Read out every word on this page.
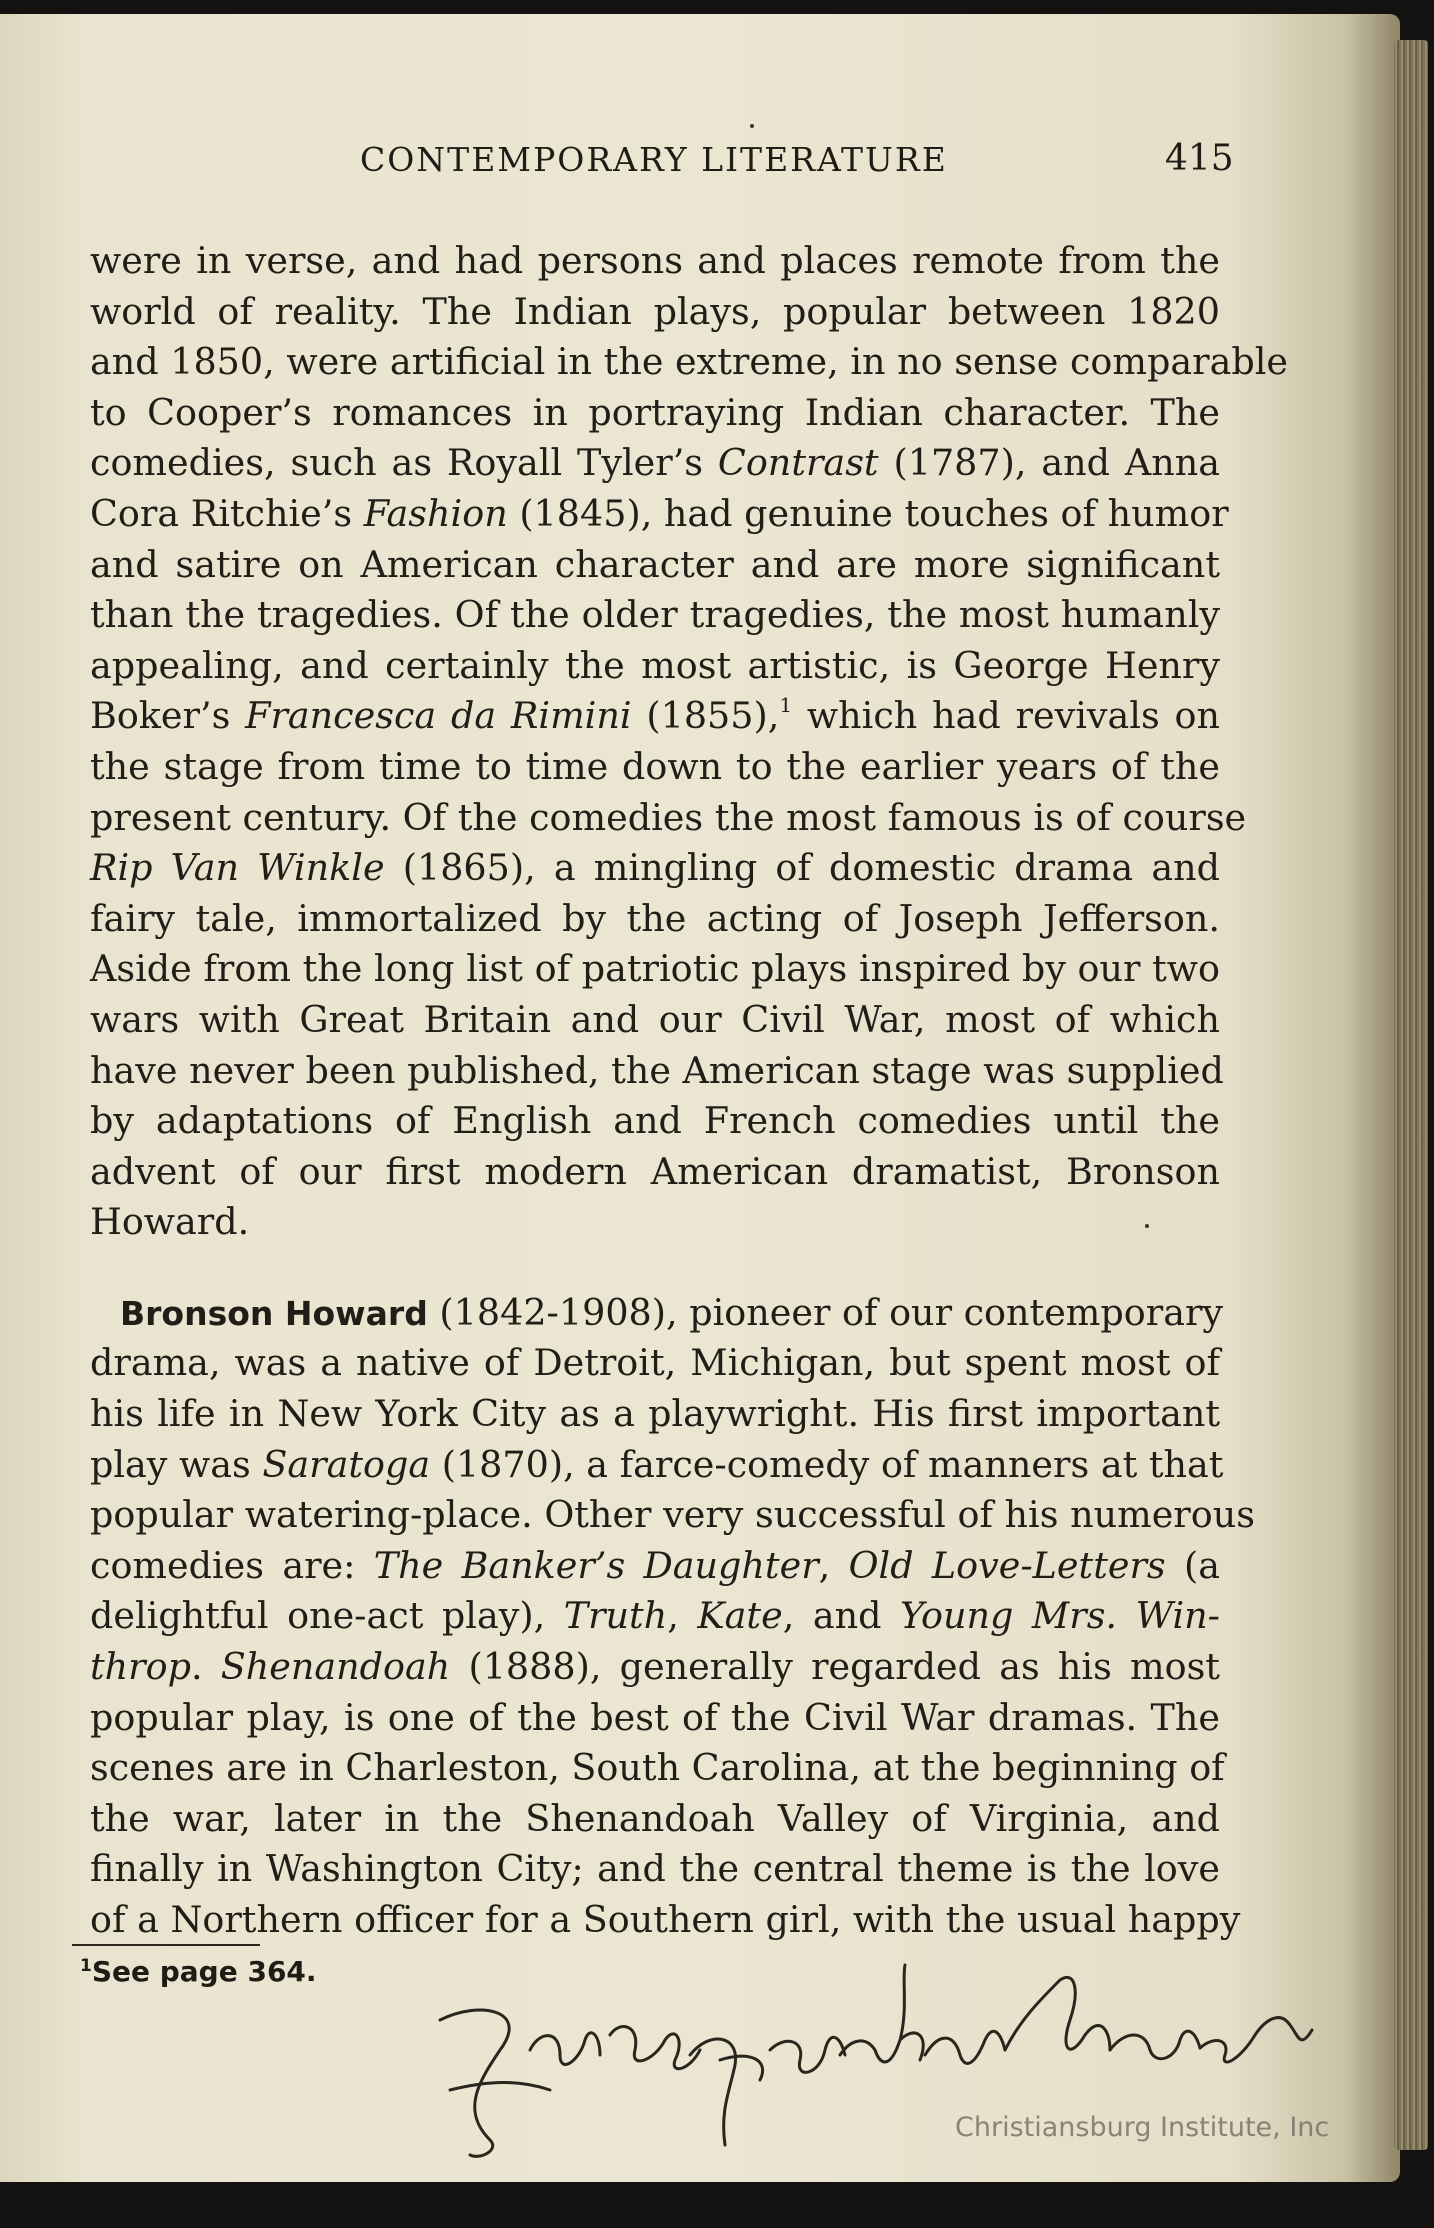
CONTEMPORARY LITERATURE	415
were in verse, and had persons and places remote from the
world of reality. The Indian plays, popular between 1820
and 1850, were artificial in the extreme, in no sense comparable
to Cooper’s romances in portraying Indian character. The
comedies, such as Royall Tyler’s Contrast (1787), and Anna
Cora Ritchie’s Fashion (1845), had genuine touches of humor
and satire on American character and are more significant
than the tragedies. Of the older tragedies, the most humanly
appealing, and certainly the most artistic, is George Henry
Boker’s Francesca da Rimini (1855),$^1$ which had revivals on
the stage from time to time down to the earlier years of the
present century. Of the comedies the most famous is of course
Rip Van Winkle (1865), a mingling of domestic drama and
fairy tale, immortalized by the acting of Joseph Jefferson.
Aside from the long list of patriotic plays inspired by our two
wars with Great Britain and our Civil War, most of which
have never been published, the American stage was supplied
by adaptations of English and French comedies until the
advent of our first modern American dramatist, Bronson
Howard.
Bronson Howard (1842-1908), pioneer of our contemporary
drama, was a native of Detroit, Michigan, but spent most of
his life in New York City as a playwright. His first important
play was Saratoga (1870), a farce-comedy of manners at that
popular watering-place. Other very successful of his numerous
comedies are: The Banker’s Daughter, Old Love-Letters (a
delightful one-act play), Truth, Kate, and Young Mrs. Win-
throp. Shenandoah (1888), generally regarded as his most
popular play, is one of the best of the Civil War dramas. The
scenes are in Charleston, South Carolina, at the beginning of
the war, later in the Shenandoah Valley of Virginia, and
finally in Washington City; and the central theme is the love
of a Northern officer for a Southern girl, with the usual happy
$^1$See page 364.
Christiansburg Institute, Inc
